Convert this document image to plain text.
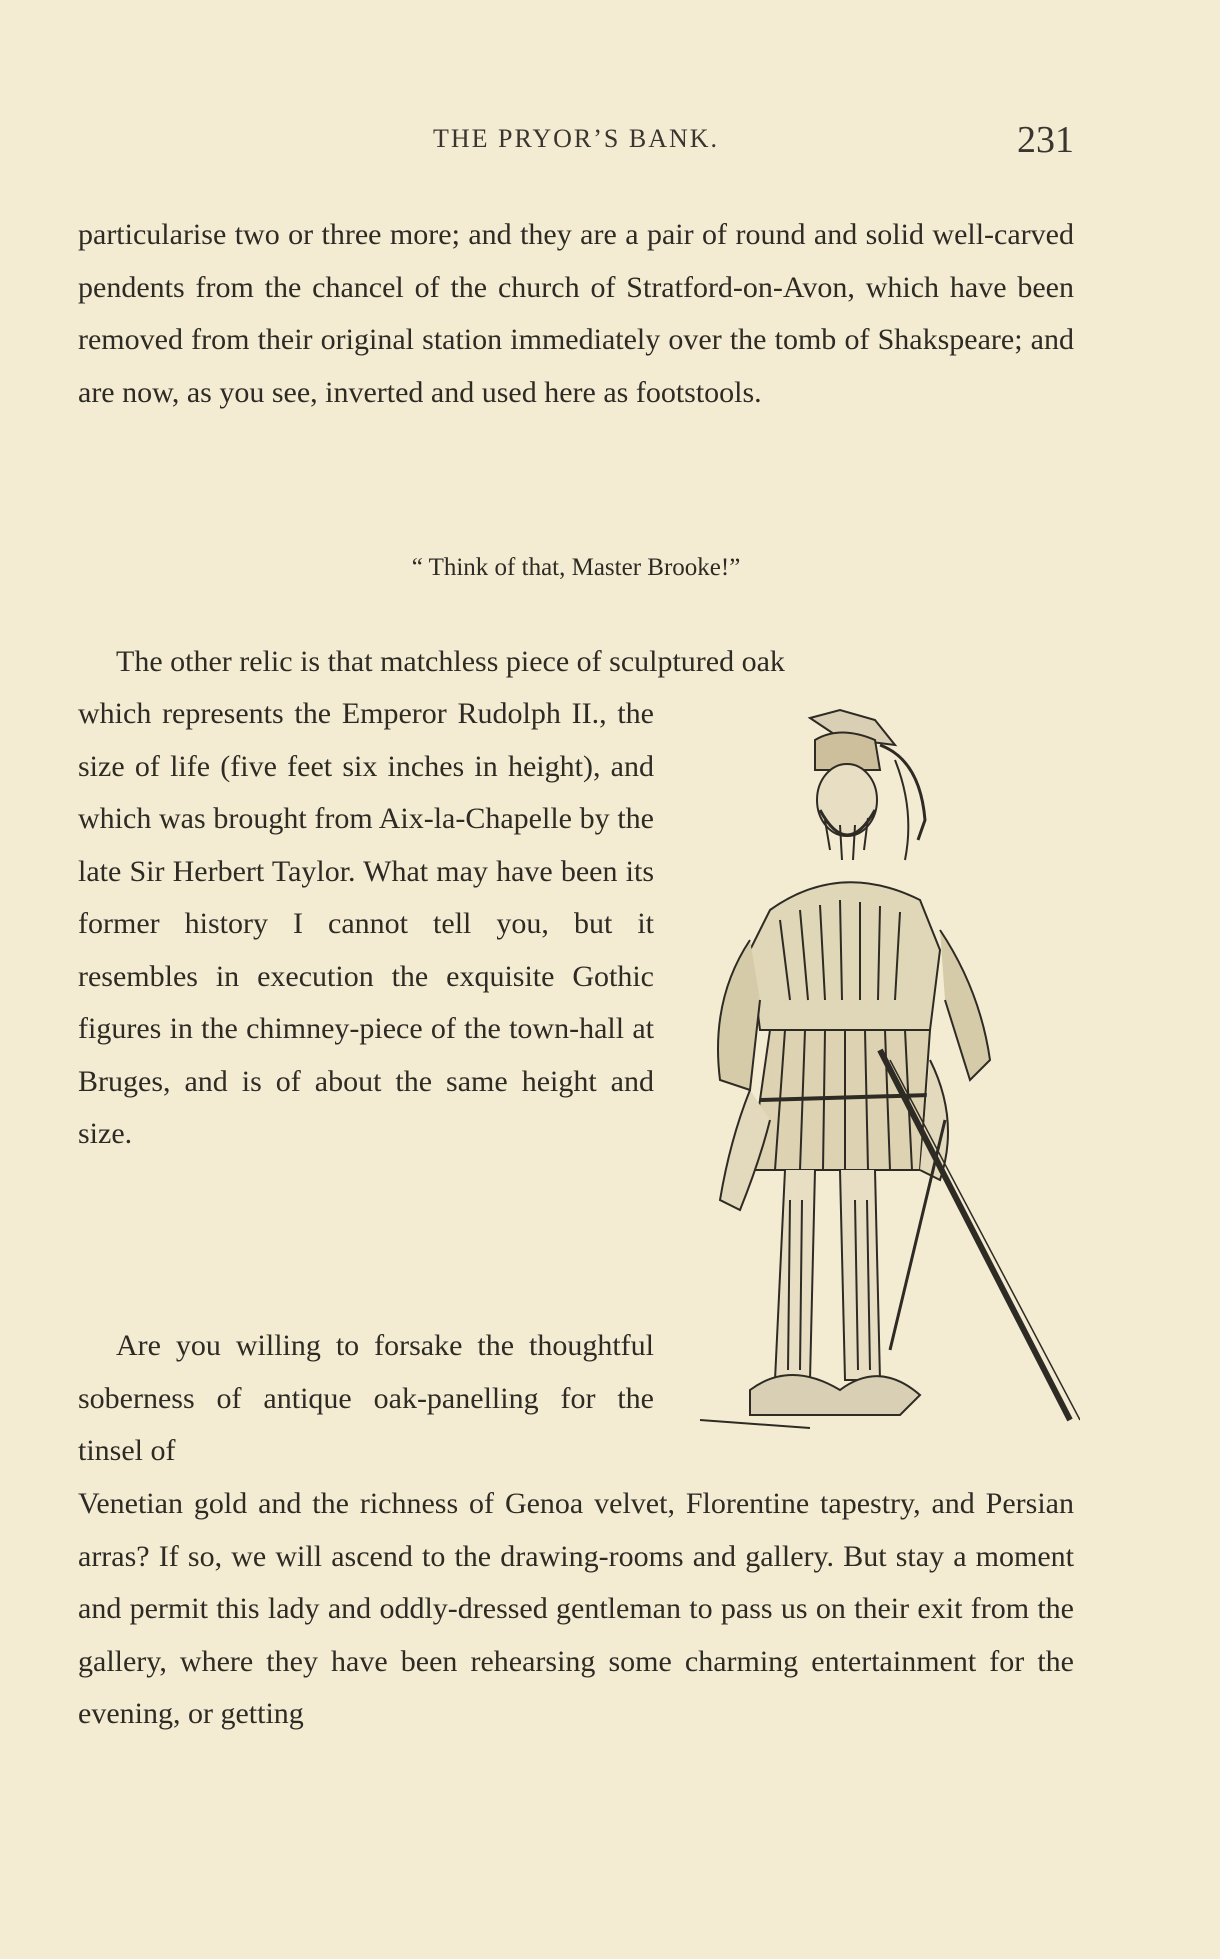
THE PRYOR’S BANK.	231
particularise two or three more; and they are a pair of round and solid well-carved pendents from the chancel of the church of Stratford-on-Avon, which have been removed from their original station immediately over the tomb of Shakspeare; and are now, as you see, inverted and used here as footstools.
“ Think of that, Master Brooke!”
The other relic is that matchless piece of sculptured oak
which represents the Emperor Rudolph II., the size of life (five feet six inches in height), and which was brought from Aix-la-Chapelle by the late Sir Herbert Taylor. What may have been its former history I cannot tell you, but it resembles in execution the exquisite Gothic figures in the chimney-piece of the town-hall at Bruges, and is of about the same height and size.
Are you willing to forsake the thoughtful soberness of antique oak-panelling for the tinsel of
Venetian gold and the richness of Genoa velvet, Florentine tapestry, and Persian arras? If so, we will ascend to the drawing-rooms and gallery. But stay a moment and permit this lady and oddly-dressed gentleman to pass us on their exit from the gallery, where they have been rehearsing some charming entertainment for the evening, or getting
